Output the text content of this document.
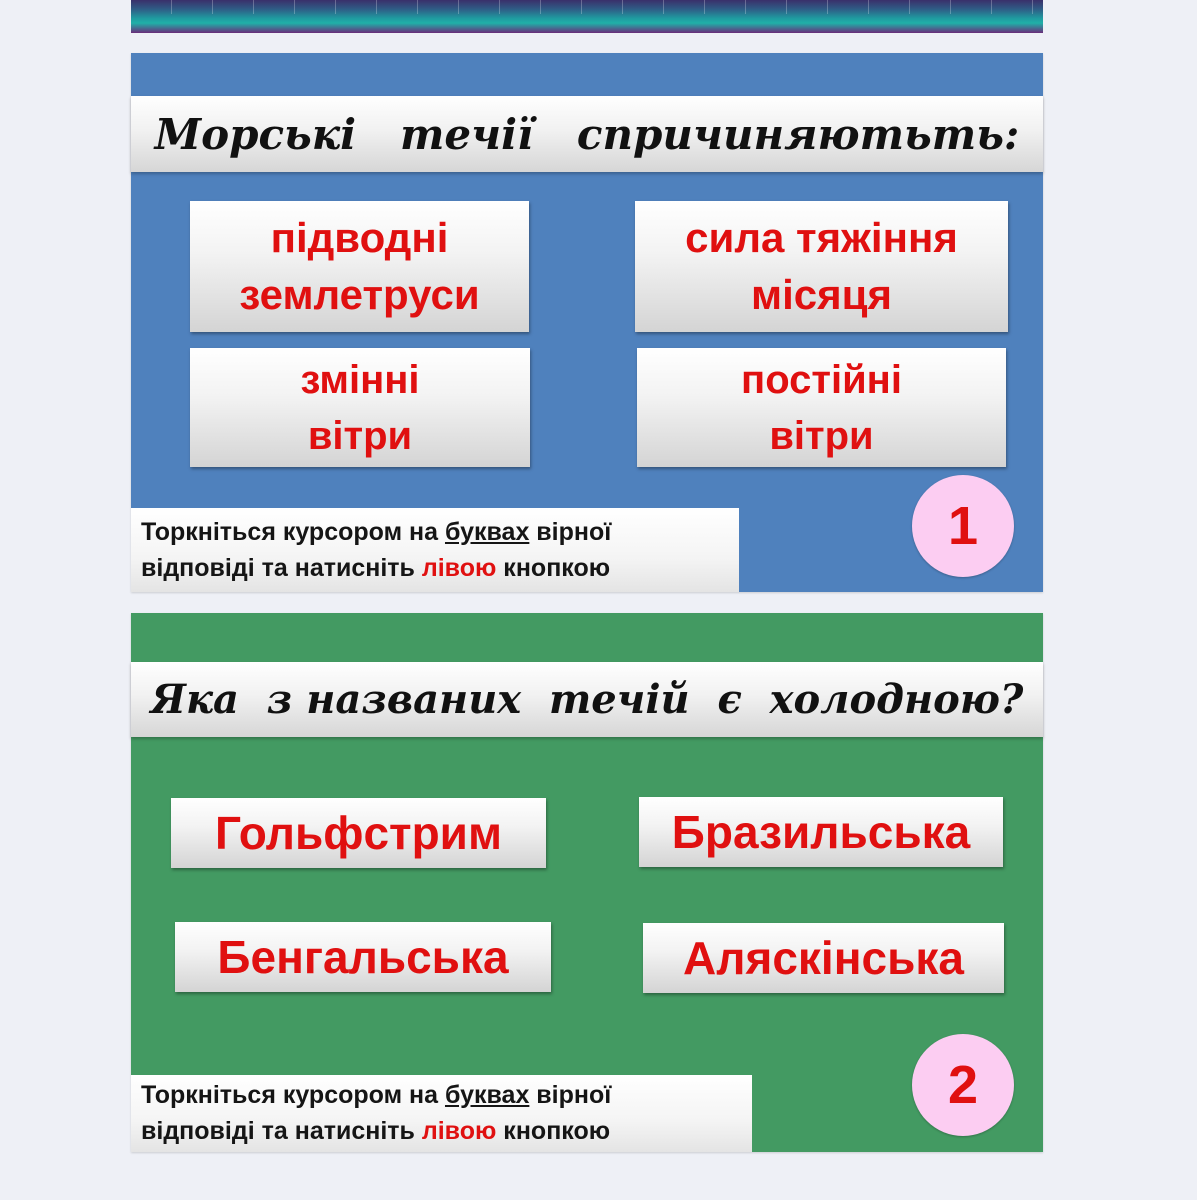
Морські   течії   спричиняютьть:
підводні
землетруси
сила тяжіння
місяця
змінні
вітри
постійні
вітри
Торкніться курсором на буквах вірної
відповіді та натисніть лівою кнопкою
1
Яка  з названих  течій  є  холодною?
Гольфстрим	Бразильська
Бенгальська	Аляскінська
Торкніться курсором на буквах вірної
відповіді та натисніть лівою кнопкою
2
